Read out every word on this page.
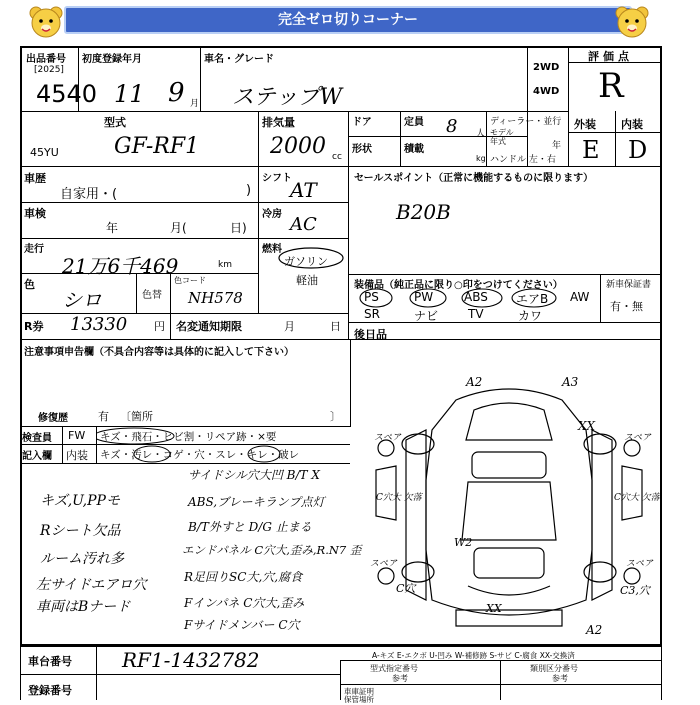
完全ゼロ切りコーナー
出品番号
[2025]
4540
初度登録年月
11 9 月
車名・グレード
ステップW
2WD
4WD
評価点
R
45YU
型式
GF-RF1
排気量
2000 cc
ドア	定員 8 人
ディーラー・並行
モデル
年式	年
形状	積載
kg ハンドル 左・右
外装 内装
E D
車歴
自家用・(	)
シフト
AT
冷房 AC
車検
年	月(	日)
走行
21万6千469	km
燃料
ガソリン
軽油
色
シロ	色替
色コード
NH578
R券 13330 円 名変通知期限	月	日
セールスポイント（正常に機能するものに限ります）
B20B
装備品（純正品に限り○印をつけてください）	新車保証書
有・無
PS	PW	ABS エアB AW
SR	ナビ TV	カワ
後日品
注意事項申告欄（不具合内容等は具体的に記入して下さい）
修復歴	有 〔箇所	〕
検査員
記入欄
FW キズ・飛石・ヒビ割・リペア跡・×要
内装 キズ・汚レ・コゲ・穴・スレ・キレ・破レ
キズ,U,PPモ
Rシート欠品
ルーム汚れ多
左サイドエアロ穴
車両はBナード
サイドシル穴大凹 B/T X
ABS,ブレーキランプ点灯
B/T外すと D/G 止まる
エンドパネル C穴大,歪み,R.N7 歪
R足回りSC大,穴,腐食
Fインパネ C穴大,歪み
Fサイドメンバー C穴
A2	A3
XX
スペア	スペア
C穴大 欠落	C穴大 欠落
W2
スペア
C穴	C3,穴
XX
A2
スペア
車台番号	RF1-1432782
登録番号
A-キズ E-エクボ U-凹み W-補修跡 S-サビ C-腐食 XX-交換済
型式指定番号	類別区分番号
参考	参考
車庫証明
保管場所
